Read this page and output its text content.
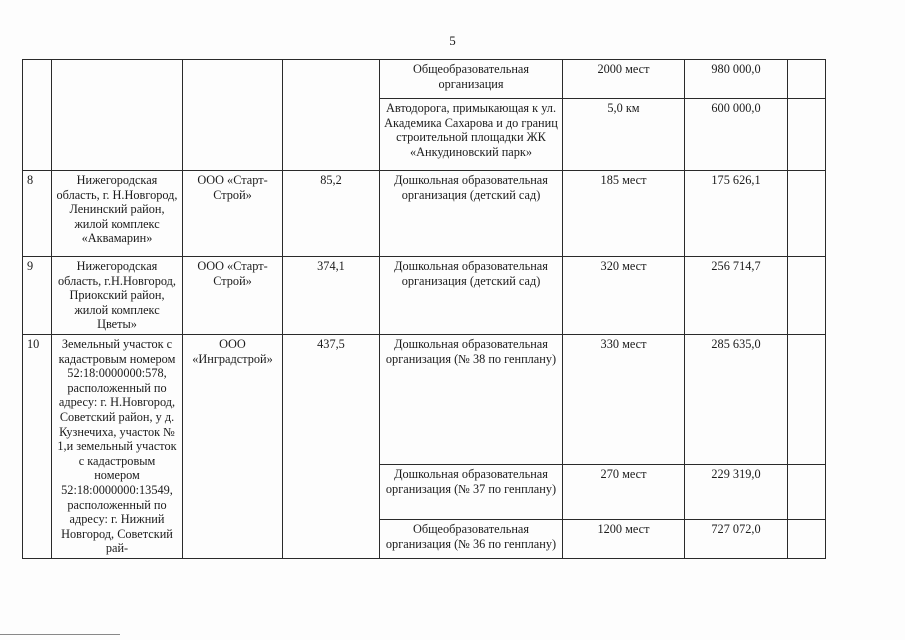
5
				Общеобразовательная организация	2000 мест	980 000,0	
				Автодорога, примыкающая к ул. Академика Сахарова и до границ строительной площадки ЖК «Анкудиновский парк»	5,0 км	600 000,0	
8	Нижегородская область, г. Н.Новгород, Ленинский район, жилой комплекс «Аквамарин»	ООО «Старт-Строй»	85,2	Дошкольная образовательная организация (детский сад)	185 мест	175 626,1	
9	Нижегородская область, г.Н.Новгород, Приокский район, жилой комплекс Цветы»	ООО «Старт-Строй»	374,1	Дошкольная образовательная организация (детский сад)	320 мест	256 714,7	
10	Земельный участок с кадастровым номером 52:18:0000000:578, расположенный по адресу: г. Н.Новгород, Советский район, у д. Кузнечиха, участок № 1,и земельный участок с кадастровым номером 52:18:0000000:13549, расположенный по адресу: г. Нижний Новгород, Советский рай-	ООО «Инградстрой»	437,5	Дошкольная образовательная организация (№ 38 по генплану)	330 мест	285 635,0	
				Дошкольная образовательная организация (№ 37 по генплану)	270 мест	229 319,0	
				Общеобразовательная организация (№ 36 по генплану)	1200 мест	727 072,0	
